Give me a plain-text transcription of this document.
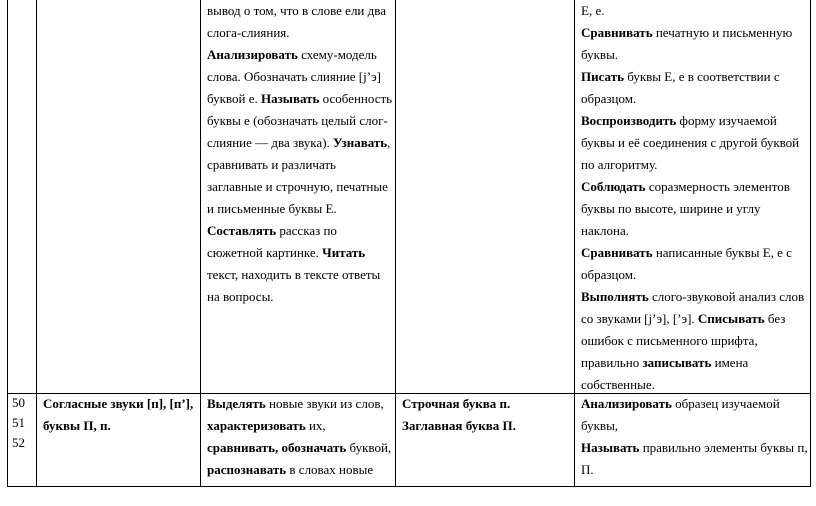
вывод о том, что в слове ели два

слога-слияния.

Анализировать схему-модель

слова. Обозначать слияние [j’э]

буквой е. Называть особенность

буквы е (обозначать целый слог-

слияние — два звука). Узнавать,

сравнивать и различать

заглавные и строчную, печатные

и письменные буквы Е.

Составлять рассказ по

сюжетной картинке. Читать

текст, находить в тексте ответы

на вопросы.

Е, е.

Сравнивать печатную и письменную

буквы.

Писать буквы Е, е в соответствии с

образцом.

Воспроизводить форму изучаемой

буквы и её соединения с другой буквой

по алгоритму.

Соблюдать соразмерность элементов

буквы по высоте, ширине и углу

наклона.

Сравнивать написанные буквы Е, е с

образцом.

Выполнять слого-звуковой анализ слов

со звуками [j’э], [’э]. Списывать без

ошибок с письменного шрифта,

правильно записывать имена

собственные.

50

51

52

Согласные звуки [п], [п’],

буквы П, п.

Выделять новые звуки из слов,

характеризовать их,

сравнивать, обозначать буквой,

распознавать в словах новые

Строчная буква п.

Заглавная буква П.

Анализировать образец изучаемой

буквы,

Называть правильно элементы буквы п,

П.
